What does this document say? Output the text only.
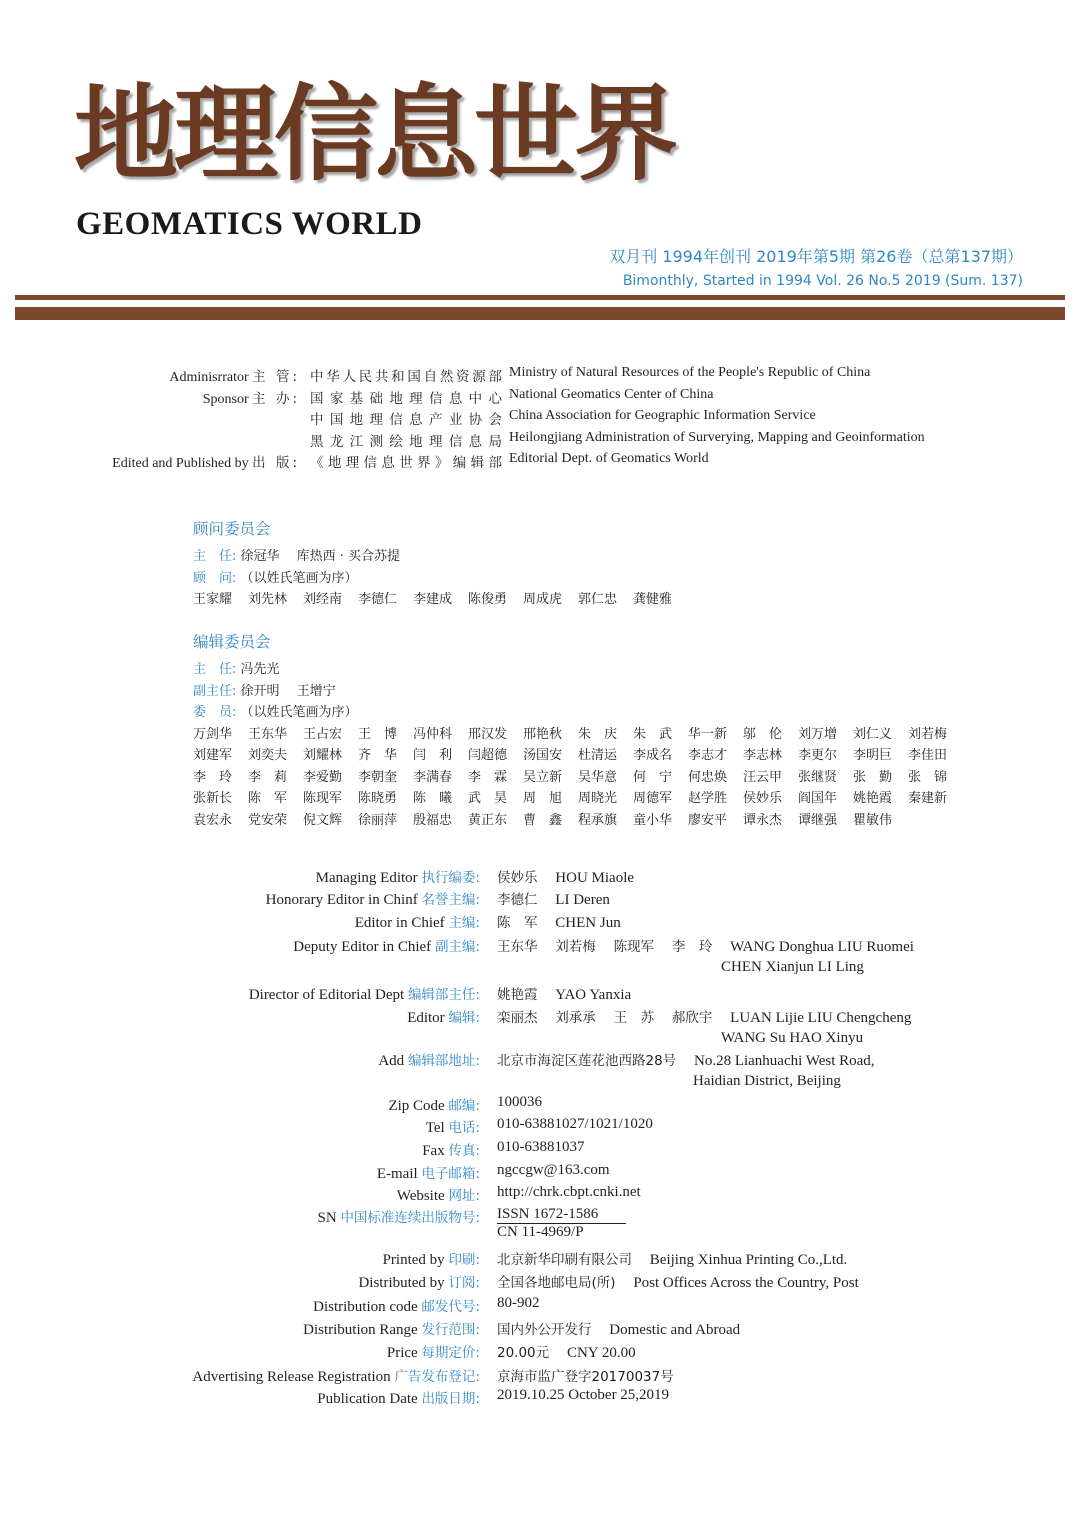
地理信息世界
GEOMATICS WORLD
双月刊 1994年创刊 2019年第5期 第26卷（总第137期）
Bimonthly, Started in 1994 Vol. 26 No.5 2019 (Sum. 137)
Adminisrrator 主 管: 中华人民共和国自然资源部 Ministry of Natural Resources of the People's Republic of China
Sponsor 主 办: 国家基础地理信息中心 National Geomatics Center of China
中国地理信息产业协会 China Association for Geographic Information Service
黑龙江测绘地理信息局 Heilongjiang Administration of Surverying, Mapping and Geoinformation
Edited and Published by 出 版: 《地理信息世界》编辑部 Editorial Dept. of Geomatics World
顾问委员会
主　任: 徐冠华　 库热西 · 买合苏提
顾　问: （以姓氏笔画为序）
王家耀	刘先林	刘经南	李德仁	李建成	陈俊勇	周成虎	郭仁忠	龚健雅
编辑委员会
主　任: 冯先光
副主任: 徐开明　 王增宁
委　员: （以姓氏笔画为序）
万剑华	王东华	王占宏	王　博	冯仲科	邢汉发	邢艳秋	朱　庆	朱　武	华一新	邬　伦	刘万增	刘仁义	刘若梅
刘建军	刘奕夫	刘耀林	齐　华	闫　利	闫超德	汤国安	杜清运	李成名	李志才	李志林	李更尔	李明巨	李佳田
李　玲	李　莉	李爱勤	李朝奎	李满春	李　霖	吴立新	吴华意	何　宁	何忠焕	汪云甲	张继贤	张　勤	张　锦
张新长	陈　军	陈现军	陈晓勇	陈　曦	武　昊	周　旭	周晓光	周德军	赵学胜	侯妙乐	阎国年	姚艳霞	秦建新
袁宏永	党安荣	倪文辉	徐丽萍	殷福忠	黄正东	曹　鑫	程承旗	童小华	廖安平	谭永杰	谭继强	瞿敏伟
Managing Editor 执行编委: 侯妙乐　 HOU Miaole
Honorary Editor in Chinf 名誉主编: 李德仁　 LI Deren
Editor in Chief 主编: 陈　军　 CHEN Jun
Deputy Editor in Chief 副主编: 王东华　 刘若梅　 陈现军　 李　玲　 WANG Donghua LIU Ruomei
CHEN Xianjun LI Ling
Director of Editorial Dept 编辑部主任: 姚艳霞　 YAO Yanxia
Editor 编辑: 栾丽杰　 刘承承　 王　苏　 郝欣宇　 LUAN Lijie LIU Chengcheng
WANG Su HAO Xinyu
Add 编辑部地址: 北京市海淀区莲花池西路28号　 No.28 Lianhuachi West Road,
Haidian District, Beijing
Zip Code 邮编: 100036
Tel 电话: 010-63881027/1021/1020
Fax 传真: 010-63881037
E-mail 电子邮箱: ngccgw@163.com
Website 网址: http://chrk.cbpt.cnki.net
SN 中国标准连续出版物号: ISSN 1672-1586
CN 11-4969/P
Printed by 印刷: 北京新华印刷有限公司　 Beijing Xinhua Printing Co.,Ltd.
Distributed by 订阅: 全国各地邮电局(所)　 Post Offices Across the Country, Post
Distribution code 邮发代号: 80-902
Distribution Range 发行范围: 国内外公开发行　 Domestic and Abroad
Price 每期定价: 20.00元　 CNY 20.00
Advertising Release Registration 广告发布登记: 京海市监广登字20170037号　
Publication Date 出版日期: 2019.10.25 October 25,2019
